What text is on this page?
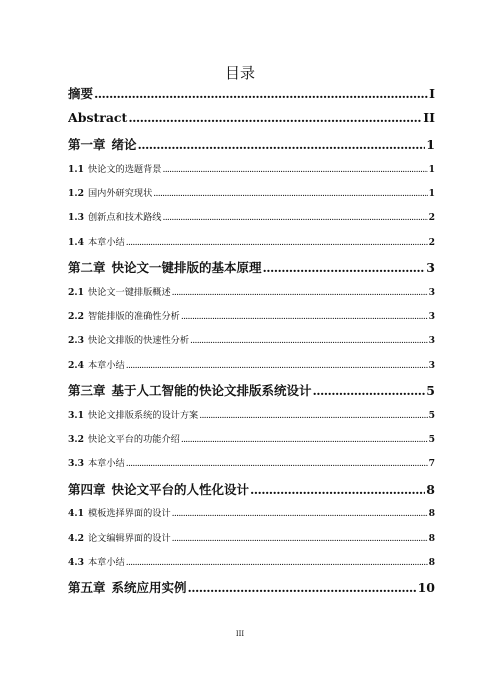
目录
摘要 .....	I
Abstract .....	II
第一章 绪论 .....	1
1.1 快论文的选题背景 .....	1
1.2 国内外研究现状 .....	1
1.3 创新点和技术路线 .....	2
1.4 本章小结 .....	2
第二章 快论文一键排版的基本原理 .....	3
2.1 快论文一键排版概述 .....	3
2.2 智能排版的准确性分析 .....	3
2.3 快论文排版的快速性分析 .....	3
2.4 本章小结 .....	3
第三章 基于人工智能的快论文排版系统设计 .....	5
3.1 快论文排版系统的设计方案 .....	5
3.2 快论文平台的功能介绍 .....	5
3.3 本章小结 .....	7
第四章 快论文平台的人性化设计 .....	8
4.1 模板选择界面的设计 .....	8
4.2 论文编辑界面的设计 .....	8
4.3 本章小结 .....	8
第五章 系统应用实例 .....	10
III
